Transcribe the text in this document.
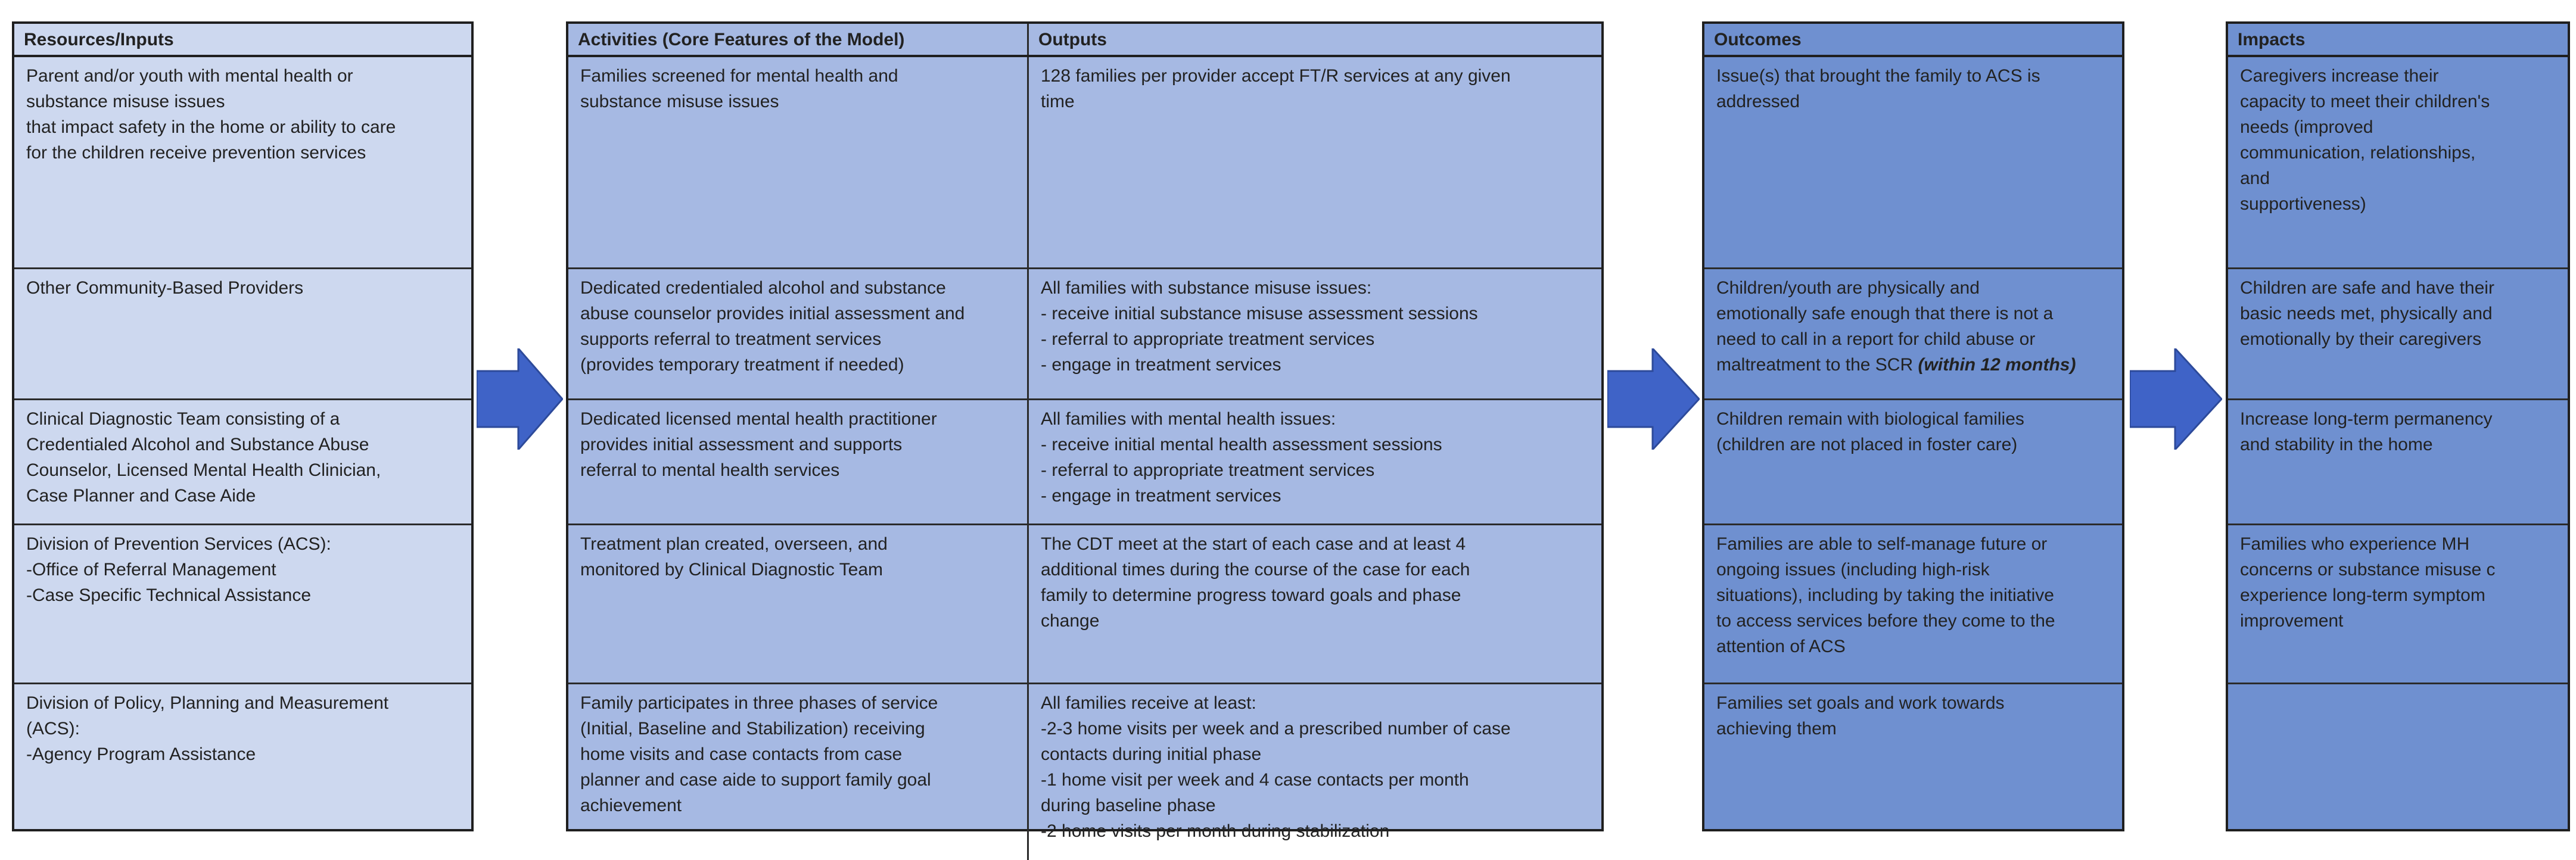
Resources/Inputs
Parent and/or youth with mental health or
substance misuse issues
that impact safety in the home or ability to care
for the children receive prevention services
Other Community-Based Providers
Clinical Diagnostic Team consisting of a
Credentialed Alcohol and Substance Abuse
Counselor, Licensed Mental Health Clinician,
Case Planner and Case Aide
Division of Prevention Services (ACS):
-Office of Referral Management
-Case Specific Technical Assistance
Division of Policy, Planning and Measurement
(ACS):
-Agency Program Assistance
Activities (Core Features of the Model)	Outputs
Families screened for mental health and
substance misuse issues
128 families per provider accept FT/R services at any given
time
Dedicated credentialed alcohol and substance
abuse counselor provides initial assessment and
supports referral to treatment services
(provides temporary treatment if needed)
All families with substance misuse issues:
- receive initial substance misuse assessment sessions
- referral to appropriate treatment services
- engage in treatment services
Dedicated licensed mental health practitioner
provides initial assessment and supports
referral to mental health services
All families with mental health issues:
- receive initial mental health assessment sessions
- referral to appropriate treatment services
- engage in treatment services
Treatment plan created, overseen, and
monitored by Clinical Diagnostic Team
The CDT meet at the start of each case and at least 4
additional times during the course of the case for each
family to determine progress toward goals and phase
change
Family participates in three phases of service
(Initial, Baseline and Stabilization) receiving
home visits and case contacts from case
planner and case aide to support family goal
achievement
All families receive at least:
-2-3 home visits per week and a prescribed number of case
contacts during initial phase
-1 home visit per week and 4 case contacts per month
during baseline phase
-2 home visits per month during stabilization
Outcomes
Issue(s) that brought the family to ACS is
addressed
Children/youth are physically and
emotionally safe enough that there is not a
need to call in a report for child abuse or
maltreatment to the SCR (within 12 months)
Children remain with biological families
(children are not placed in foster care)
Families are able to self-manage future or
ongoing issues (including high-risk
situations), including by taking the initiative
to access services before they come to the
attention of ACS
Families set goals and work towards
achieving them
Impacts
Caregivers increase their
capacity to meet their children's
needs (improved
communication, relationships,
and
supportiveness)
Children are safe and have their
basic needs met, physically and
emotionally by their caregivers
Increase long-term permanency
and stability in the home
Families who experience MH
concerns or substance misuse c
experience long-term symptom
improvement
